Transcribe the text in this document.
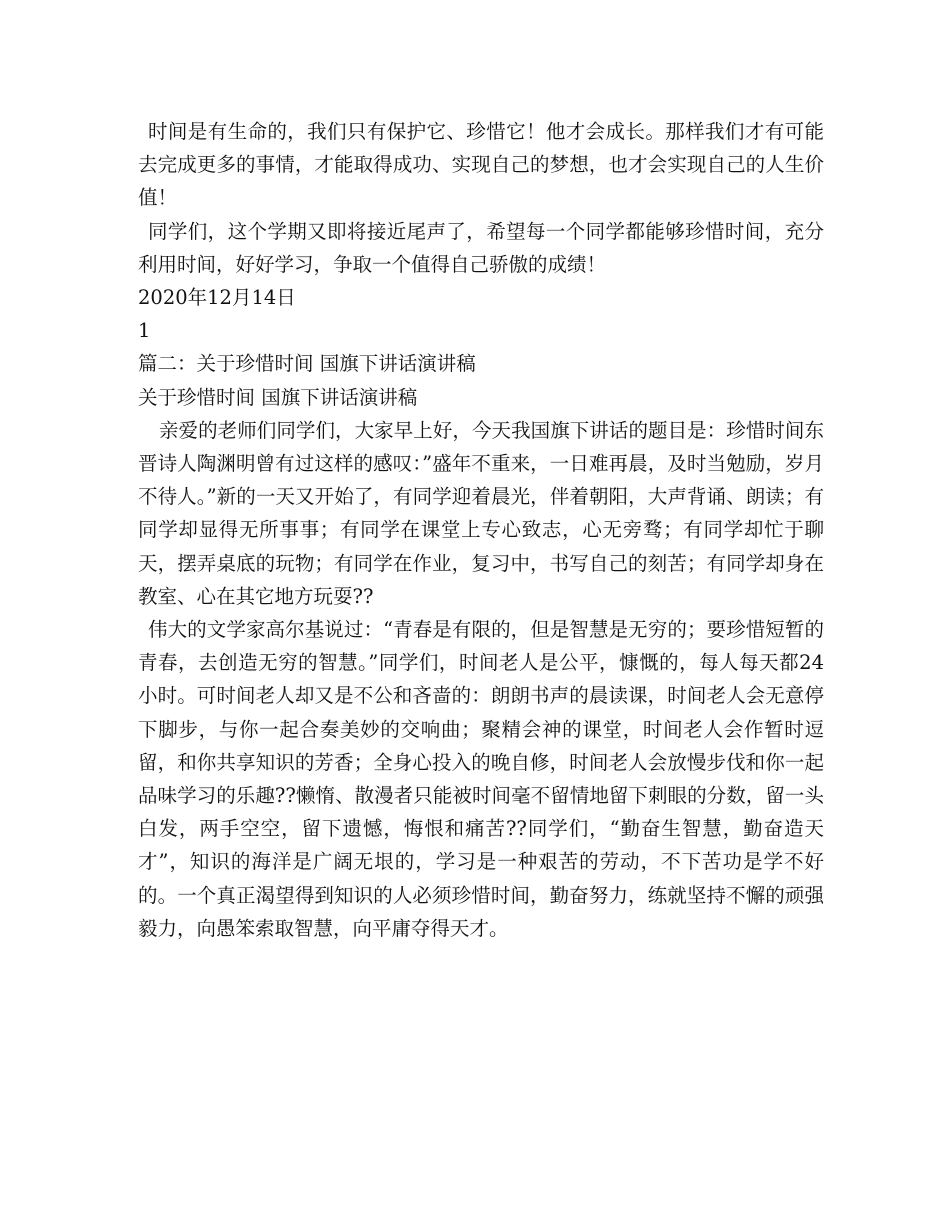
时间是有生命的，我们只有保护它、珍惜它！他才会成长。那样我们才有可能去完成更多的事情，才能取得成功、实现自己的梦想，也才会实现自己的人生价值！

同学们，这个学期又即将接近尾声了，希望每一个同学都能够珍惜时间，充分利用时间，好好学习，争取一个值得自己骄傲的成绩！

2020年12月14日

1

篇二：关于珍惜时间 国旗下讲话演讲稿

关于珍惜时间 国旗下讲话演讲稿

亲爱的老师们同学们，大家早上好，今天我国旗下讲话的题目是：珍惜时间东晋诗人陶渊明曾有过这样的感叹：”盛年不重来，一日难再晨，及时当勉励，岁月不待人。”新的一天又开始了，有同学迎着晨光，伴着朝阳，大声背诵、朗读；有同学却显得无所事事；有同学在课堂上专心致志，心无旁骛；有同学却忙于聊天，摆弄桌底的玩物；有同学在作业，复习中，书写自己的刻苦；有同学却身在教室、心在其它地方玩耍??

伟大的文学家高尔基说过：“青春是有限的，但是智慧是无穷的；要珍惜短暂的青春，去创造无穷的智慧。”同学们，时间老人是公平，慷慨的，每人每天都24小时。可时间老人却又是不公和吝啬的：朗朗书声的晨读课，时间老人会无意停下脚步，与你一起合奏美妙的交响曲；聚精会神的课堂，时间老人会作暂时逗留，和你共享知识的芳香；全身心投入的晚自修，时间老人会放慢步伐和你一起品味学习的乐趣??懒惰、散漫者只能被时间毫不留情地留下刺眼的分数，留一头白发，两手空空，留下遗憾，悔恨和痛苦??同学们，“勤奋生智慧，勤奋造天才”，知识的海洋是广阔无垠的，学习是一种艰苦的劳动，不下苦功是学不好的。一个真正渴望得到知识的人必须珍惜时间，勤奋努力，练就坚持不懈的顽强毅力，向愚笨索取智慧，向平庸夺得天才。
